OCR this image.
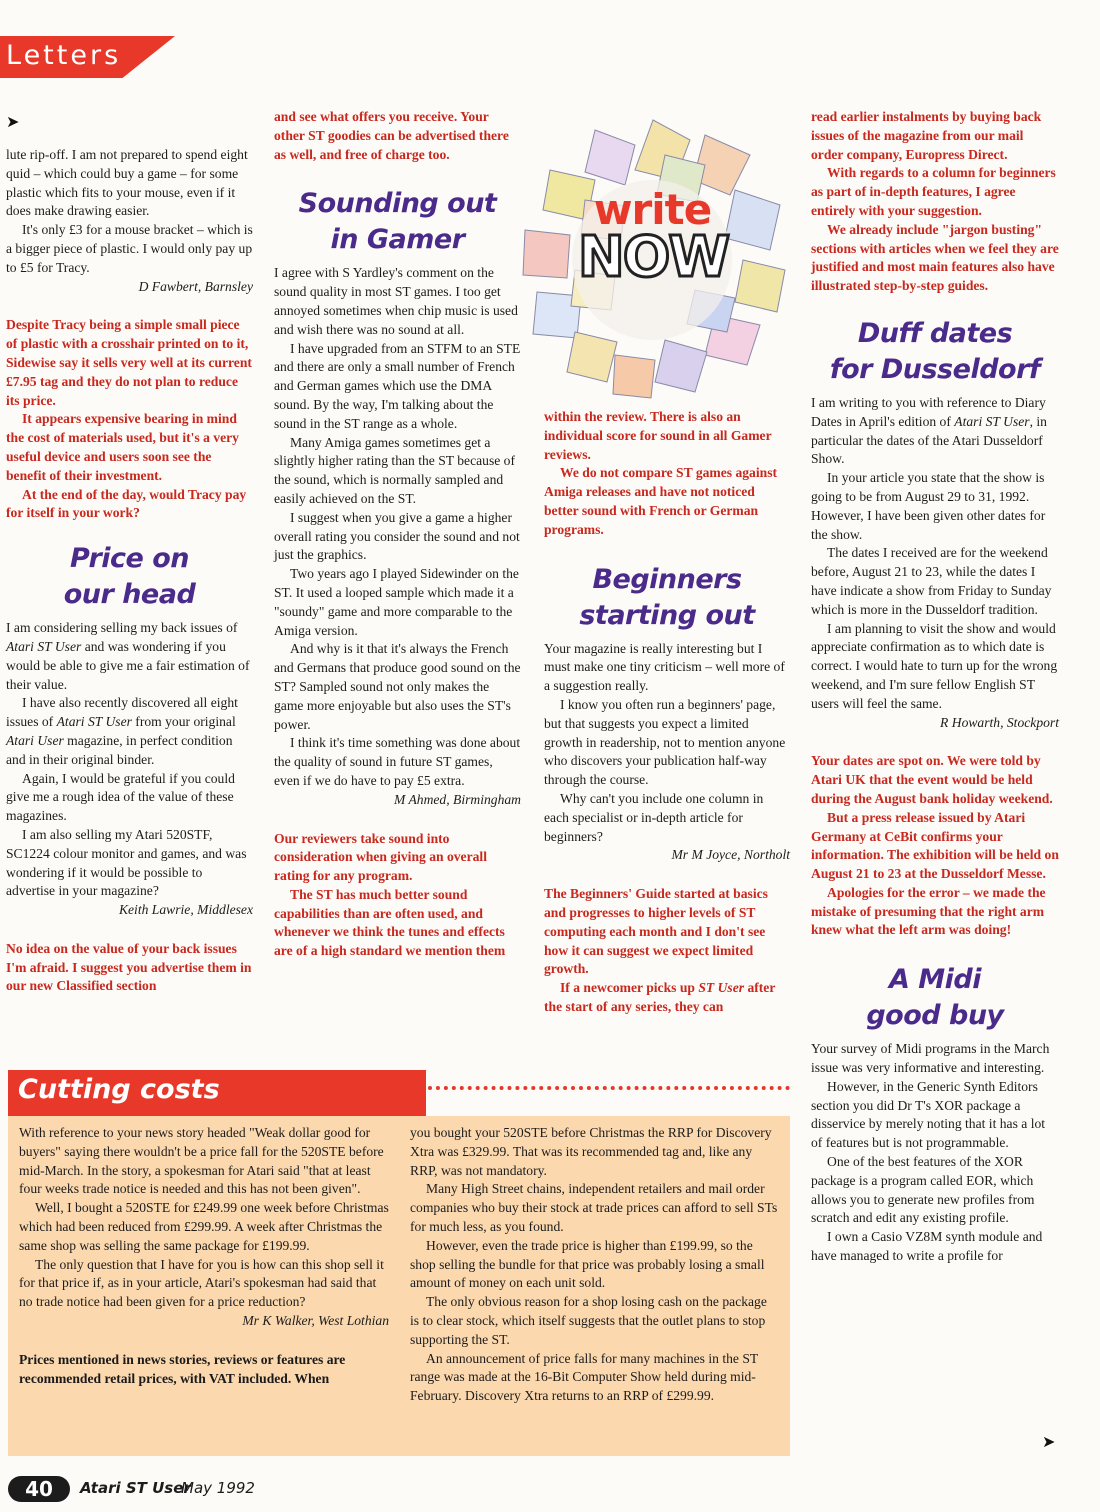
Letters
➤

lute rip-off. I am not prepared to spend eight quid – which could buy a game – for some plastic which fits to your mouse, even if it does make drawing easier.

It's only £3 for a mouse bracket – which is a bigger piece of plastic. I would only pay up to £5 for Tracy.

D Fawbert, Barnsley

Despite Tracy being a simple small piece of plastic with a crosshair printed on to it, Sidewise say it sells very well at its current £7.95 tag and they do not plan to reduce its price.

It appears expensive bearing in mind the cost of materials used, but it's a very useful device and users soon see the benefit of their investment.

At the end of the day, would Tracy pay for itself in your work?

Price on
our head

I am considering selling my back issues of Atari ST User and was wondering if you would be able to give me a fair estimation of their value.

I have also recently discovered all eight issues of Atari ST User from your original Atari User magazine, in perfect condition and in their original binder.

Again, I would be grateful if you could give me a rough idea of the value of these magazines.

I am also selling my Atari 520STF, SC1224 colour monitor and games, and was wondering if it would be possible to advertise in your magazine?

Keith Lawrie, Middlesex

No idea on the value of your back issues I'm afraid. I suggest you advertise them in our new Classified section

and see what offers you receive. Your other ST goodies can be advertised there as well, and free of charge too.

Sounding out
in Gamer

I agree with S Yardley's comment on the sound quality in most ST games. I too get annoyed sometimes when chip music is used and wish there was no sound at all.

I have upgraded from an STFM to an STE and there are only a small number of French and German games which use the DMA sound. By the way, I'm talking about the sound in the ST range as a whole.

Many Amiga games sometimes get a slightly higher rating than the ST because of the sound, which is normally sampled and easily achieved on the ST.

I suggest when you give a game a higher overall rating you consider the sound and not just the graphics.

Two years ago I played Sidewinder on the ST. It used a looped sample which made it a "soundy" game and more comparable to the Amiga version.

And why is it that it's always the French and Germans that produce good sound on the ST? Sampled sound not only makes the game more enjoyable but also uses the ST's power.

I think it's time something was done about the quality of sound in future ST games, even if we do have to pay £5 extra.

M Ahmed, Birmingham

Our reviewers take sound into consideration when giving an overall rating for any program.

The ST has much better sound capabilities than are often used, and whenever we think the tunes and effects are of a high standard we mention them

write
NOW

within the review. There is also an individual score for sound in all Gamer reviews.

We do not compare ST games against Amiga releases and have not noticed better sound with French or German programs.

Beginners
starting out

Your magazine is really interesting but I must make one tiny criticism – well more of a suggestion really.

I know you often run a beginners' page, but that suggests you expect a limited growth in readership, not to mention anyone who discovers your publication half-way through the course.

Why can't you include one column in each specialist or in-depth article for beginners?

Mr M Joyce, Northolt

The Beginners' Guide started at basics and progresses to higher levels of ST computing each month and I don't see how it can suggest we expect limited growth.

If a newcomer picks up ST User after the start of any series, they can

read earlier instalments by buying back issues of the magazine from our mail order company, Europress Direct.

With regards to a column for beginners as part of in-depth features, I agree entirely with your suggestion.

We already include "jargon busting" sections with articles when we feel they are justified and most main features also have illustrated step-by-step guides.

Duff dates
for Dusseldorf

I am writing to you with reference to Diary Dates in April's edition of Atari ST User, in particular the dates of the Atari Dusseldorf Show.

In your article you state that the show is going to be from August 29 to 31, 1992. However, I have been given other dates for the show.

The dates I received are for the weekend before, August 21 to 23, while the dates I have indicate a show from Friday to Sunday which is more in the Dusseldorf tradition.

I am planning to visit the show and would appreciate confirmation as to which date is correct. I would hate to turn up for the wrong weekend, and I'm sure fellow English ST users will feel the same.

R Howarth, Stockport

Your dates are spot on. We were told by Atari UK that the event would be held during the August bank holiday weekend.

But a press release issued by Atari Germany at CeBit confirms your information. The exhibition will be held on August 21 to 23 at the Dusseldorf Messe.

Apologies for the error – we made the mistake of presuming that the right arm knew what the left arm was doing!

A Midi
good buy

Your survey of Midi programs in the March issue was very informative and interesting.

However, in the Generic Synth Editors section you did Dr T's XOR package a disservice by merely noting that it has a lot of features but is not programmable.

One of the best features of the XOR package is a program called EOR, which allows you to generate new profiles from scratch and edit any existing profile.

I own a Casio VZ8M synth module and have managed to write a profile for

➤
Cutting costs

With reference to your news story headed "Weak dollar good for buyers" saying there wouldn't be a price fall for the 520STE before mid-March. In the story, a spokesman for Atari said "that at least four weeks trade notice is needed and this has not been given".

Well, I bought a 520STE for £249.99 one week before Christmas which had been reduced from £299.99. A week after Christmas the same shop was selling the same package for £199.99.

The only question that I have for you is how can this shop sell it for that price if, as in your article, Atari's spokesman had said that no trade notice had been given for a price reduction?

Mr K Walker, West Lothian

Prices mentioned in news stories, reviews or features are recommended retail prices, with VAT included. When

you bought your 520STE before Christmas the RRP for Discovery Xtra was £329.99. That was its recommended tag and, like any RRP, was not mandatory.

Many High Street chains, independent retailers and mail order companies who buy their stock at trade prices can afford to sell STs for much less, as you found.

However, even the trade price is higher than £199.99, so the shop selling the bundle for that price was probably losing a small amount of money on each unit sold.

The only obvious reason for a shop losing cash on the package is to clear stock, which itself suggests that the outlet plans to stop supporting the ST.

An announcement of price falls for many machines in the ST range was made at the 16-Bit Computer Show held during mid-February. Discovery Xtra returns to an RRP of £299.99.

40	Atari ST User
May 1992
